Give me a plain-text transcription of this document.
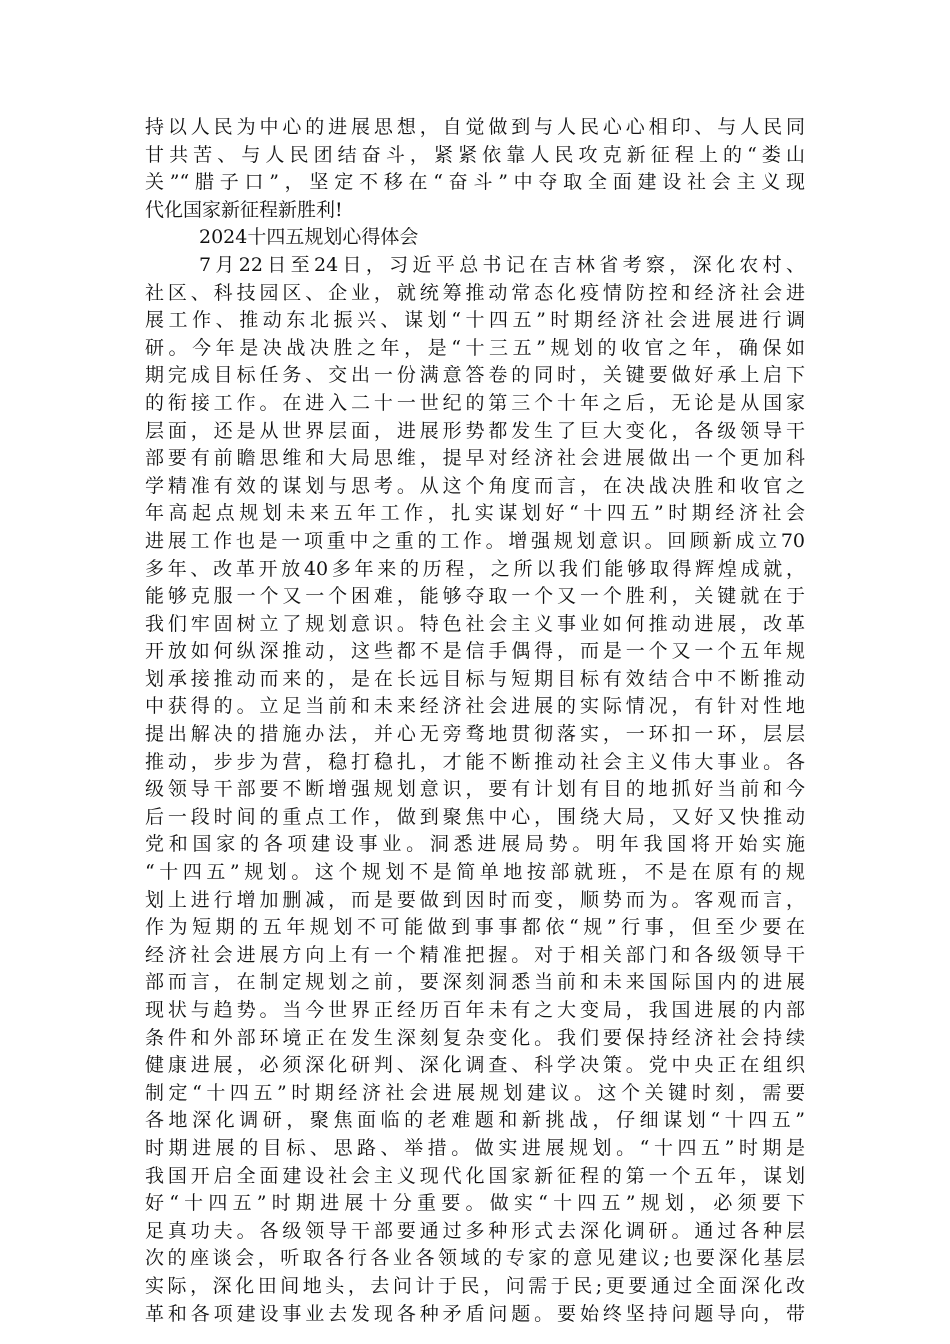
持以人民为中心的进展思想，自觉做到与人民心心相印、与人民同
甘共苦、与人民团结奋斗，紧紧依靠人民攻克新征程上的“娄山
关”“腊子口”，坚定不移在“奋斗”中夺取全面建设社会主义现
代化国家新征程新胜利!
2024十四五规划心得体会
7月22日至24日，习近平总书记在吉林省考察，深化农村、
社区、科技园区、企业，就统筹推动常态化疫情防控和经济社会进
展工作、推动东北振兴、谋划“十四五”时期经济社会进展进行调
研。今年是决战决胜之年，是“十三五”规划的收官之年，确保如
期完成目标任务、交出一份满意答卷的同时，关键要做好承上启下
的衔接工作。在进入二十一世纪的第三个十年之后，无论是从国家
层面，还是从世界层面，进展形势都发生了巨大变化，各级领导干
部要有前瞻思维和大局思维，提早对经济社会进展做出一个更加科
学精准有效的谋划与思考。从这个角度而言，在决战决胜和收官之
年高起点规划未来五年工作，扎实谋划好“十四五”时期经济社会
进展工作也是一项重中之重的工作。增强规划意识。回顾新成立70
多年、改革开放40多年来的历程，之所以我们能够取得辉煌成就，
能够克服一个又一个困难，能够夺取一个又一个胜利，关键就在于
我们牢固树立了规划意识。特色社会主义事业如何推动进展，改革
开放如何纵深推动，这些都不是信手偶得，而是一个又一个五年规
划承接推动而来的，是在长远目标与短期目标有效结合中不断推动
中获得的。立足当前和未来经济社会进展的实际情况，有针对性地
提出解决的措施办法，并心无旁骛地贯彻落实，一环扣一环，层层
推动，步步为营，稳打稳扎，才能不断推动社会主义伟大事业。各
级领导干部要不断增强规划意识，要有计划有目的地抓好当前和今
后一段时间的重点工作，做到聚焦中心，围绕大局，又好又快推动
党和国家的各项建设事业。洞悉进展局势。明年我国将开始实施
“十四五”规划。这个规划不是简单地按部就班，不是在原有的规
划上进行增加删减，而是要做到因时而变，顺势而为。客观而言，
作为短期的五年规划不可能做到事事都依“规”行事，但至少要在
经济社会进展方向上有一个精准把握。对于相关部门和各级领导干
部而言，在制定规划之前，要深刻洞悉当前和未来国际国内的进展
现状与趋势。当今世界正经历百年未有之大变局，我国进展的内部
条件和外部环境正在发生深刻复杂变化。我们要保持经济社会持续
健康进展，必须深化研判、深化调查、科学决策。党中央正在组织
制定“十四五”时期经济社会进展规划建议。这个关键时刻，需要
各地深化调研，聚焦面临的老难题和新挑战，仔细谋划“十四五”
时期进展的目标、思路、举措。做实进展规划。“十四五”时期是
我国开启全面建设社会主义现代化国家新征程的第一个五年，谋划
好“十四五”时期进展十分重要。做实“十四五”规划，必须要下
足真功夫。各级领导干部要通过多种形式去深化调研。通过各种层
次的座谈会，听取各行各业各领域的专家的意见建议;也要深化基层
实际，深化田间地头，去问计于民，问需于民;更要通过全面深化改
革和各项建设事业去发现各种矛盾问题。要始终坚持问题导向，带
